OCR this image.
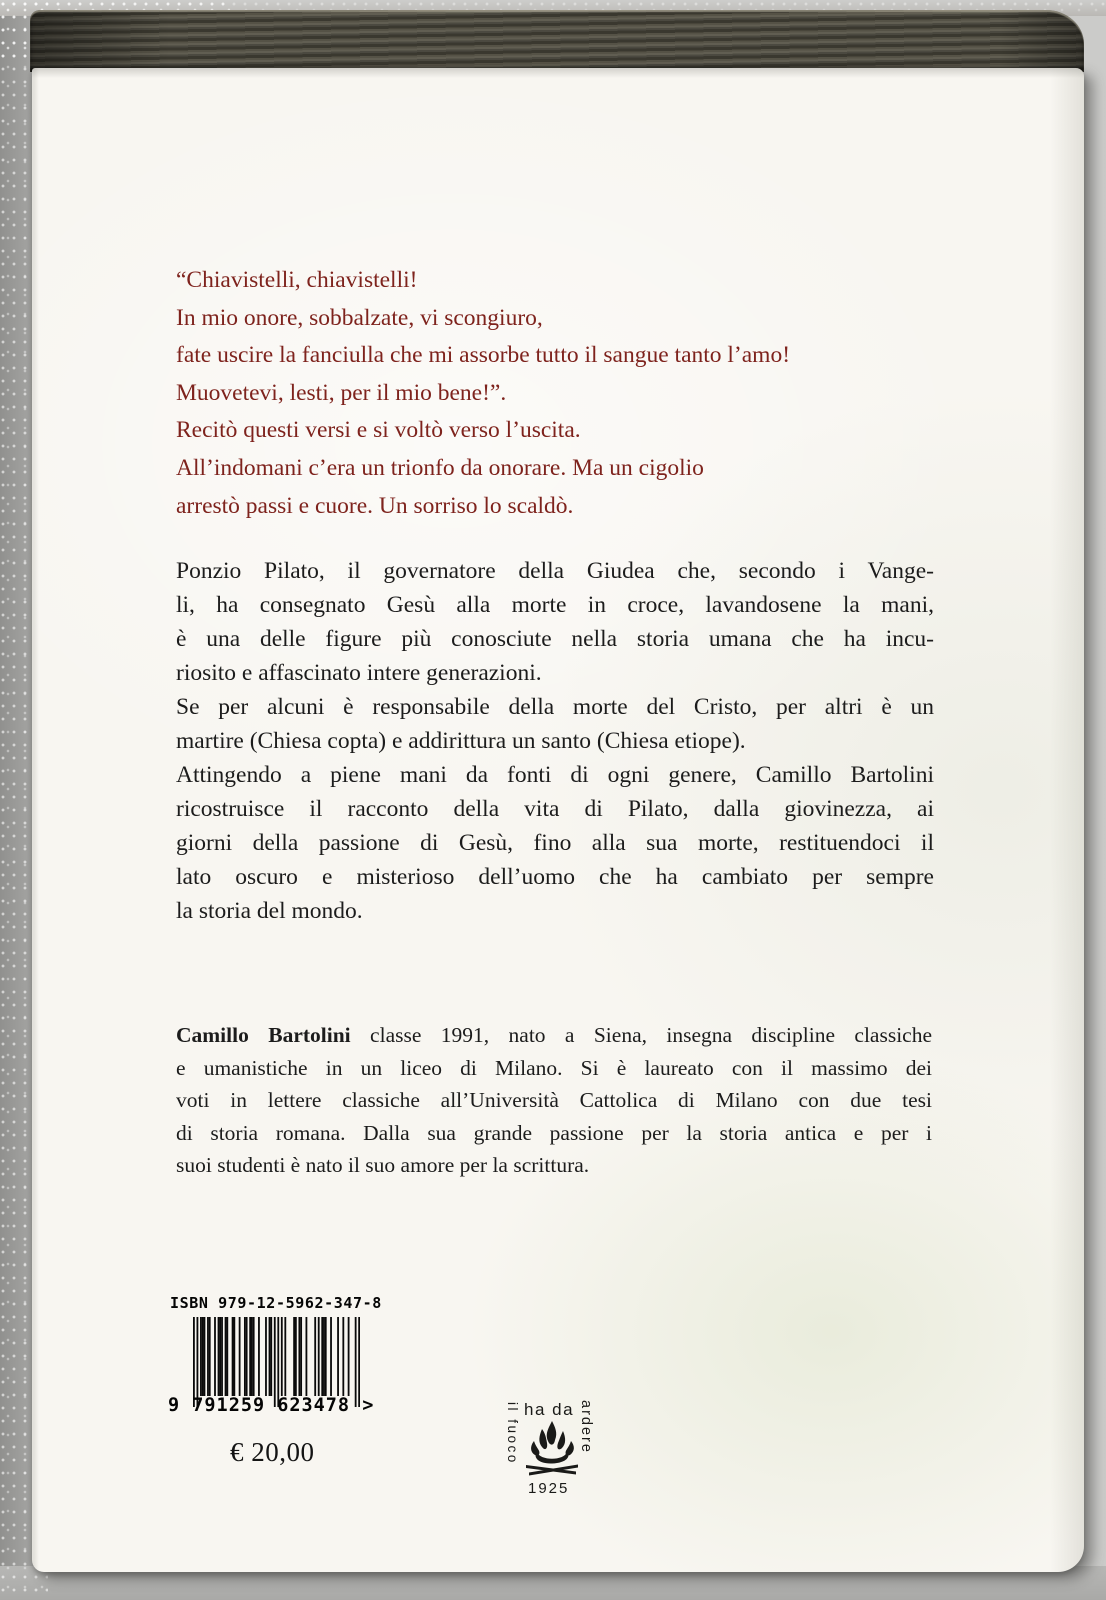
“Chiavistelli, chiavistelli!
In mio onore, sobbalzate, vi scongiuro,
fate uscire la fanciulla che mi assorbe tutto il sangue tanto l’amo!
Muovetevi, lesti, per il mio bene!”.
Recitò questi versi e si voltò verso l’uscita.
All’indomani c’era un trionfo da onorare. Ma un cigolio
arrestò passi e cuore. Un sorriso lo scaldò.
Ponzio Pilato, il governatore della Giudea che, secondo i Vange-
li, ha consegnato Gesù alla morte in croce, lavandosene la mani,
è una delle figure più conosciute nella storia umana che ha incu-
riosito e affascinato intere generazioni.
Se per alcuni è responsabile della morte del Cristo, per altri è un
martire (Chiesa copta) e addirittura un santo (Chiesa etiope).
Attingendo a piene mani da fonti di ogni genere, Camillo Bartolini
ricostruisce il racconto della vita di Pilato, dalla giovinezza, ai
giorni della passione di Gesù, fino alla sua morte, restituendoci il
lato oscuro e misterioso dell’uomo che ha cambiato per sempre
la storia del mondo.
Camillo Bartolini classe 1991, nato a Siena, insegna discipline classiche
e umanistiche in un liceo di Milano. Si è laureato con il massimo dei
voti in lettere classiche all’Università Cattolica di Milano con due tesi
di storia romana. Dalla sua grande passione per la storia antica e per i
suoi studenti è nato il suo amore per la scrittura.
ISBN 979-12-5962-347-8
9 791259 623478 >
€ 20,00	il fuoco ha da ardere
1925
